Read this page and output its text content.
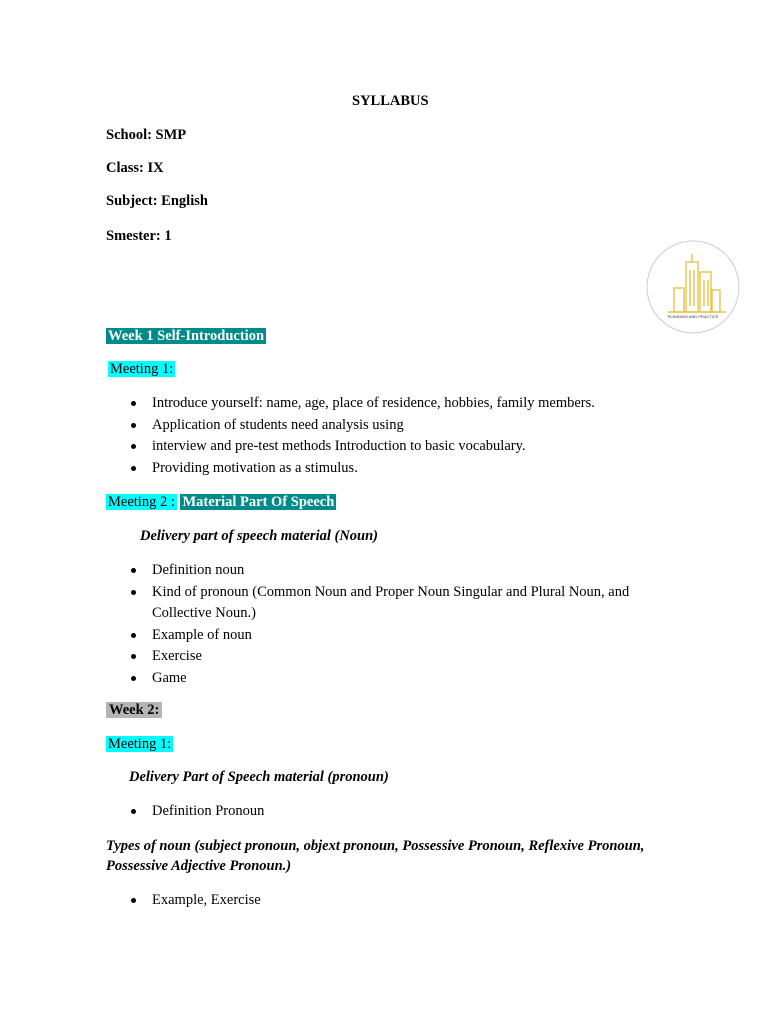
SYLLABUS
School: SMP
Class: IX
Subject: English
Smester: 1
PLANNING AND PRACTICE
Week 1 Self-Introduction
Meeting 1:
Introduce yourself: name, age, place of residence, hobbies, family members.
Application of students need analysis using
interview and pre-test methods Introduction to basic vocabulary.
Providing motivation as a stimulus.
Meeting 2 : Material Part Of Speech
Delivery part of speech material (Noun)
Definition noun
Kind of pronoun (Common Noun and Proper Noun Singular and Plural Noun, and
Collective Noun.)
Example of noun
Exercise
Game
Week 2:
Meeting 1:
Delivery Part of Speech material (pronoun)
Definition Pronoun
Types of noun (subject pronoun, objext pronoun, Possessive Pronoun, Reflexive Pronoun,
Possessive Adjective Pronoun.)
Example, Exercise
